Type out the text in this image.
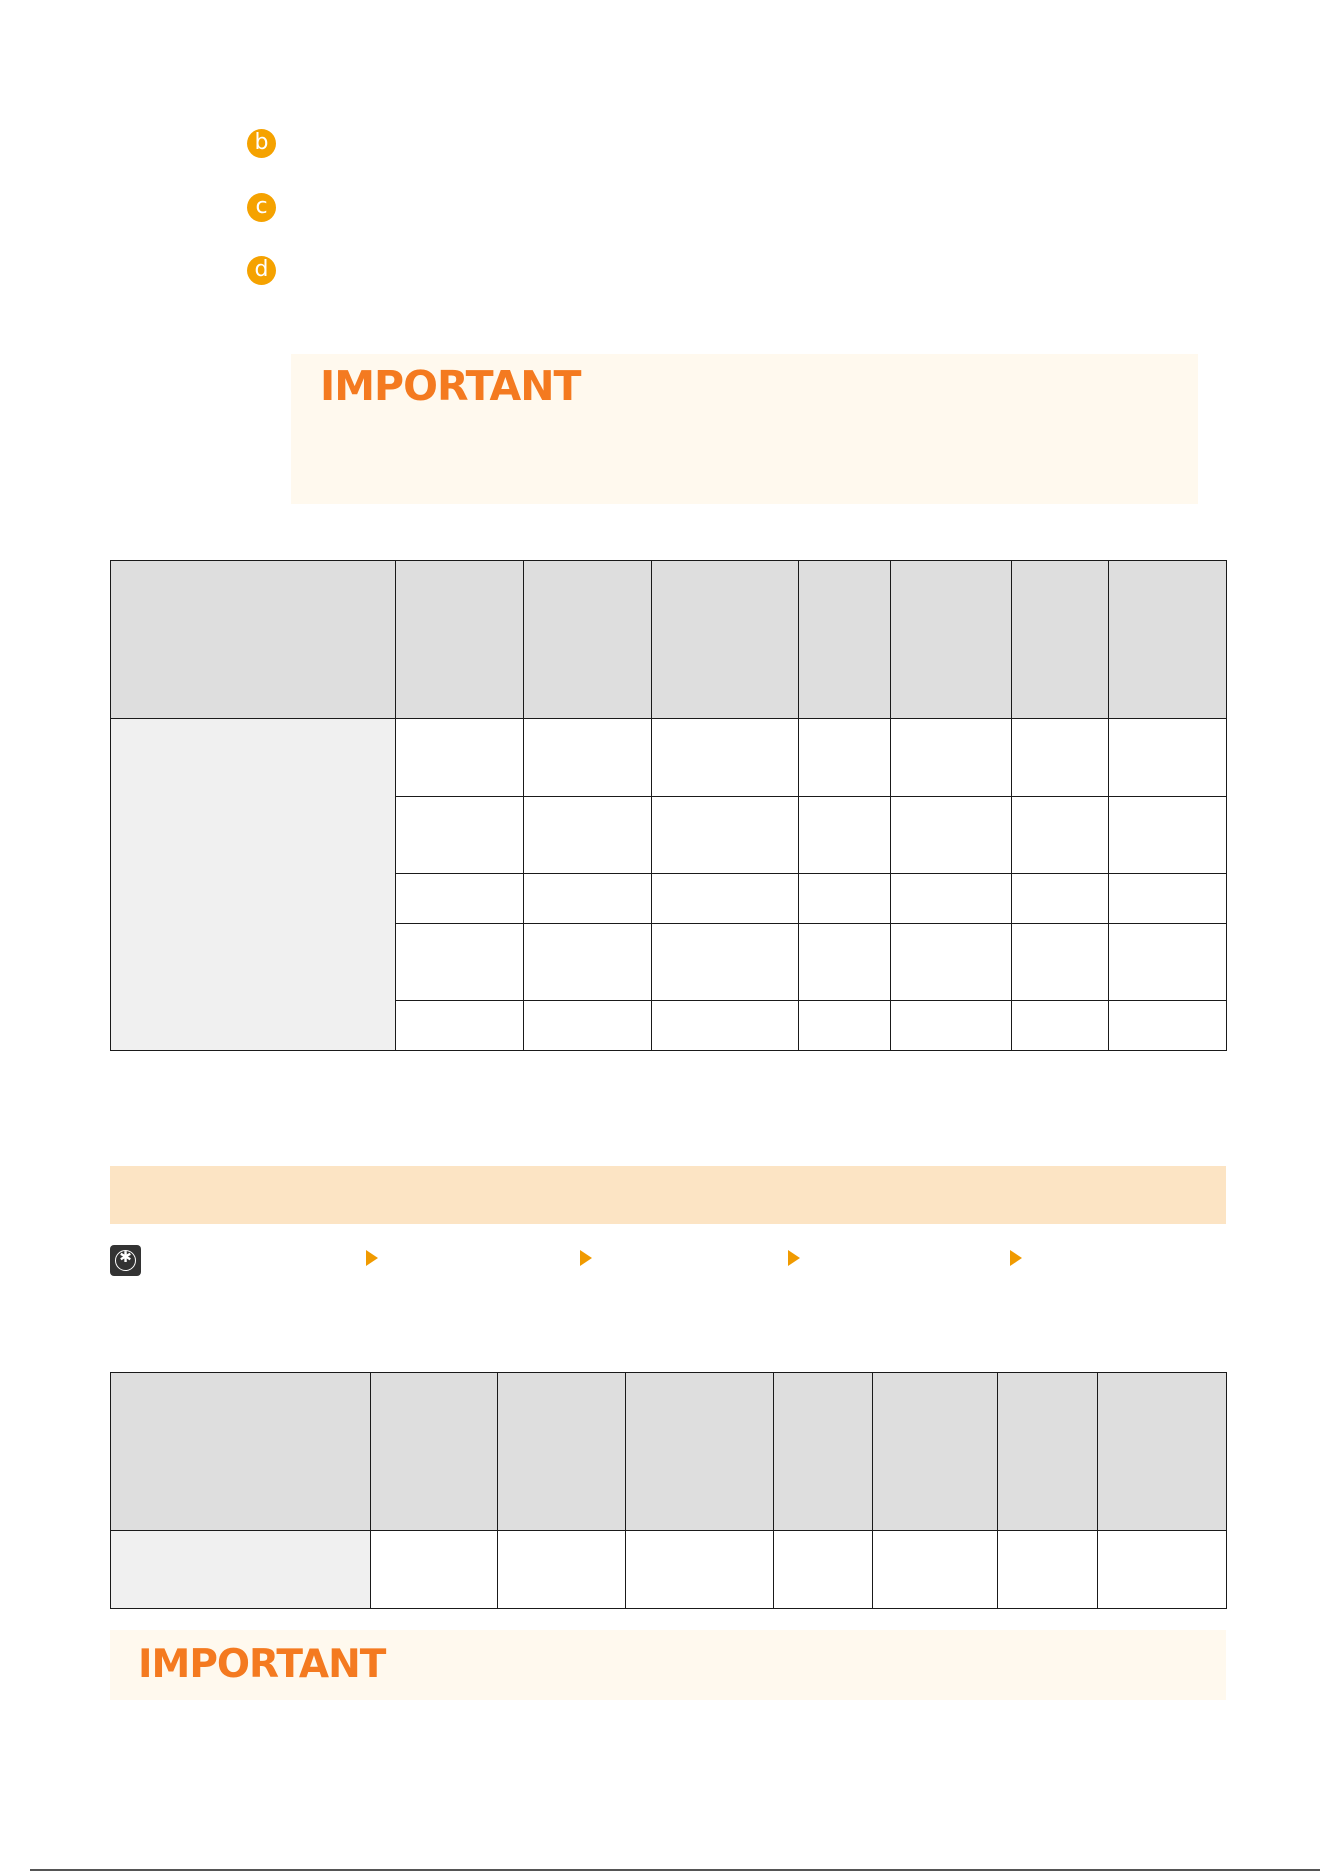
b
c
d
IMPORTANT

✱

IMPORTANT
